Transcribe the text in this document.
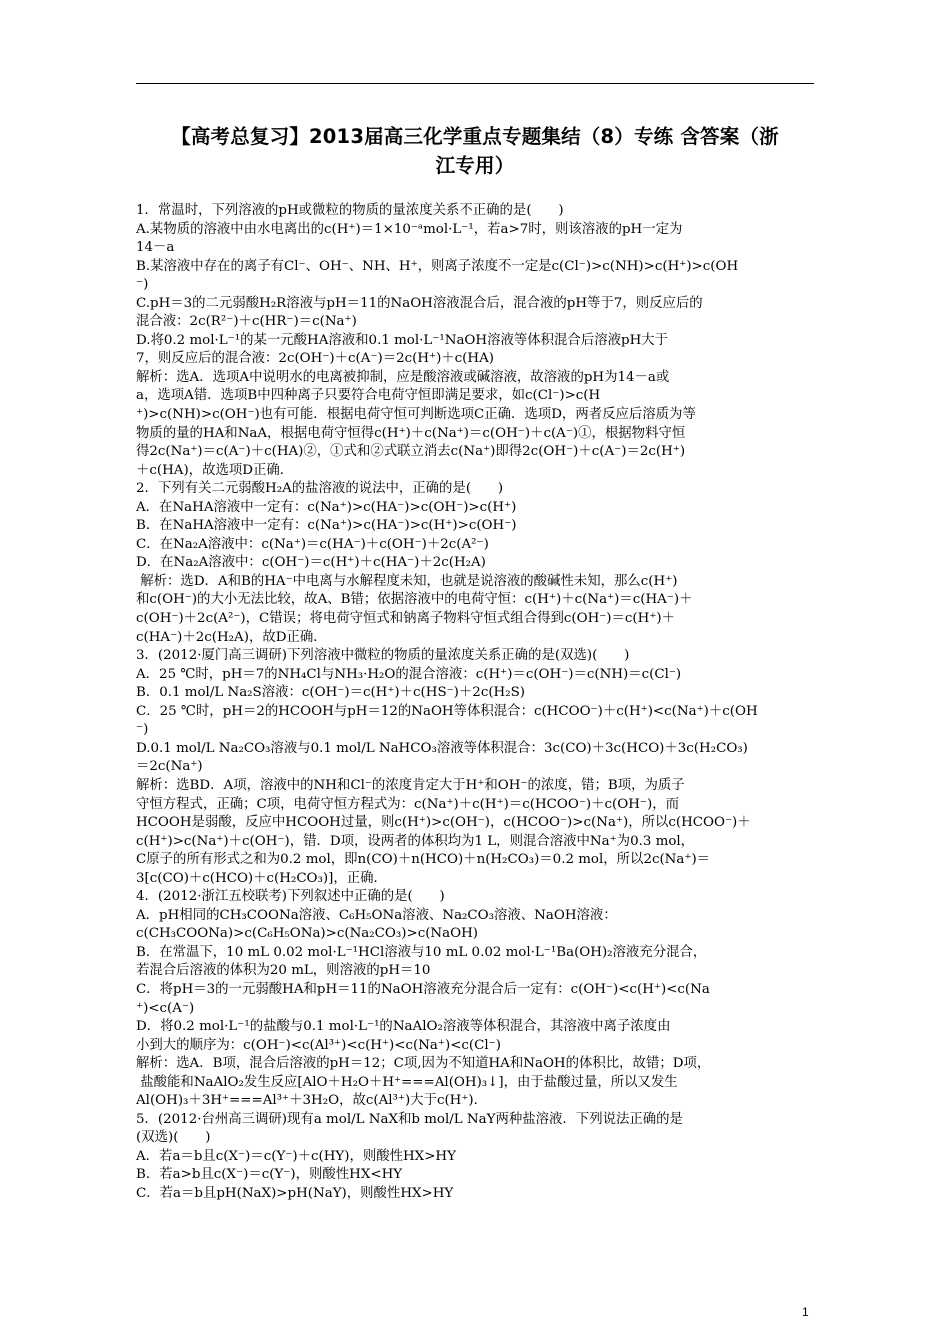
【高考总复习】2013届高三化学重点专题集结（8）专练 含答案（浙
江专用）
1．常温时，下列溶液的pH或微粒的物质的量浓度关系不正确的是(　　)
A.某物质的溶液中由水电离出的c(H⁺)＝1×10⁻ᵃmol·L⁻¹，若a>7时，则该溶液的pH一定为
14－a
B.某溶液中存在的离子有Cl⁻、OH⁻、NH、H⁺，则离子浓度不一定是c(Cl⁻)>c(NH)>c(H⁺)>c(OH
⁻)
C.pH＝3的二元弱酸H₂R溶液与pH＝11的NaOH溶液混合后，混合液的pH等于7，则反应后的
混合液：2c(R²⁻)＋c(HR⁻)＝c(Na⁺)
D.将0.2 mol·L⁻¹的某一元酸HA溶液和0.1 mol·L⁻¹NaOH溶液等体积混合后溶液pH大于
7，则反应后的混合液：2c(OH⁻)＋c(A⁻)＝2c(H⁺)＋c(HA)
解析：选A．选项A中说明水的电离被抑制，应是酸溶液或碱溶液，故溶液的pH为14－a或
a，选项A错．选项B中四种离子只要符合电荷守恒即满足要求，如c(Cl⁻)>c(H
⁺)>c(NH)>c(OH⁻)也有可能．根据电荷守恒可判断选项C正确．选项D，两者反应后溶质为等
物质的量的HA和NaA，根据电荷守恒得c(H⁺)＋c(Na⁺)＝c(OH⁻)＋c(A⁻)①，根据物料守恒
得2c(Na⁺)＝c(A⁻)＋c(HA)②，①式和②式联立消去c(Na⁺)即得2c(OH⁻)＋c(A⁻)＝2c(H⁺)
＋c(HA)，故选项D正确．
2．下列有关二元弱酸H₂A的盐溶液的说法中，正确的是(　　)
A．在NaHA溶液中一定有：c(Na⁺)>c(HA⁻)>c(OH⁻)>c(H⁺)
B．在NaHA溶液中一定有：c(Na⁺)>c(HA⁻)>c(H⁺)>c(OH⁻)
C．在Na₂A溶液中：c(Na⁺)＝c(HA⁻)＋c(OH⁻)＋2c(A²⁻)
D．在Na₂A溶液中：c(OH⁻)＝c(H⁺)＋c(HA⁻)＋2c(H₂A)
解析：选D．A和B的HA⁻中电离与水解程度未知，也就是说溶液的酸碱性未知，那么c(H⁺)
和c(OH⁻)的大小无法比较，故A、B错；依据溶液中的电荷守恒：c(H⁺)＋c(Na⁺)＝c(HA⁻)＋
c(OH⁻)＋2c(A²⁻)，C错误；将电荷守恒式和钠离子物料守恒式组合得到c(OH⁻)＝c(H⁺)＋
c(HA⁻)＋2c(H₂A)，故D正确．
3．(2012·厦门高三调研)下列溶液中微粒的物质的量浓度关系正确的是(双选)(　　)
A．25 ℃时，pH＝7的NH₄Cl与NH₃·H₂O的混合溶液：c(H⁺)＝c(OH⁻)＝c(NH)＝c(Cl⁻)
B．0.1 mol/L Na₂S溶液：c(OH⁻)＝c(H⁺)＋c(HS⁻)＋2c(H₂S)
C．25 ℃时，pH＝2的HCOOH与pH＝12的NaOH等体积混合：c(HCOO⁻)＋c(H⁺)<c(Na⁺)＋c(OH
⁻)
D.0.1 mol/L Na₂CO₃溶液与0.1 mol/L NaHCO₃溶液等体积混合：3c(CO)＋3c(HCO)＋3c(H₂CO₃)
＝2c(Na⁺)
解析：选BD．A项，溶液中的NH和Cl⁻的浓度肯定大于H⁺和OH⁻的浓度，错；B项，为质子
守恒方程式，正确；C项，电荷守恒方程式为：c(Na⁺)＋c(H⁺)＝c(HCOO⁻)＋c(OH⁻)，而
HCOOH是弱酸，反应中HCOOH过量，则c(H⁺)>c(OH⁻)，c(HCOO⁻)>c(Na⁺)，所以c(HCOO⁻)＋
c(H⁺)>c(Na⁺)＋c(OH⁻)，错．D项，设两者的体积均为1 L，则混合溶液中Na⁺为0.3 mol，
C原子的所有形式之和为0.2 mol，即n(CO)＋n(HCO)＋n(H₂CO₃)＝0.2 mol，所以2c(Na⁺)＝
3[c(CO)＋c(HCO)＋c(H₂CO₃)]，正确．
4．(2012·浙江五校联考)下列叙述中正确的是(　　)
A．pH相同的CH₃COONa溶液、C₆H₅ONa溶液、Na₂CO₃溶液、NaOH溶液：
c(CH₃COONa)>c(C₆H₅ONa)>c(Na₂CO₃)>c(NaOH)
B．在常温下，10 mL 0.02 mol·L⁻¹HCl溶液与10 mL 0.02 mol·L⁻¹Ba(OH)₂溶液充分混合，
若混合后溶液的体积为20 mL，则溶液的pH＝10
C．将pH＝3的一元弱酸HA和pH＝11的NaOH溶液充分混合后一定有：c(OH⁻)<c(H⁺)<c(Na
⁺)<c(A⁻)
D．将0.2 mol·L⁻¹的盐酸与0.1 mol·L⁻¹的NaAlO₂溶液等体积混合，其溶液中离子浓度由
小到大的顺序为：c(OH⁻)<c(Al³⁺)<c(H⁺)<c(Na⁺)<c(Cl⁻)
解析：选A．B项，混合后溶液的pH＝12；C项,因为不知道HA和NaOH的体积比，故错；D项，
盐酸能和NaAlO₂发生反应[AlO＋H₂O＋H⁺===Al(OH)₃↓]，由于盐酸过量，所以又发生
Al(OH)₃＋3H⁺===Al³⁺＋3H₂O，故c(Al³⁺)大于c(H⁺)．
5．(2012·台州高三调研)现有a mol/L NaX和b mol/L NaY两种盐溶液．下列说法正确的是
(双选)(　　)
A．若a＝b且c(X⁻)＝c(Y⁻)＋c(HY)，则酸性HX>HY
B．若a>b且c(X⁻)＝c(Y⁻)，则酸性HX<HY
C．若a＝b且pH(NaX)>pH(NaY)，则酸性HX>HY
1
